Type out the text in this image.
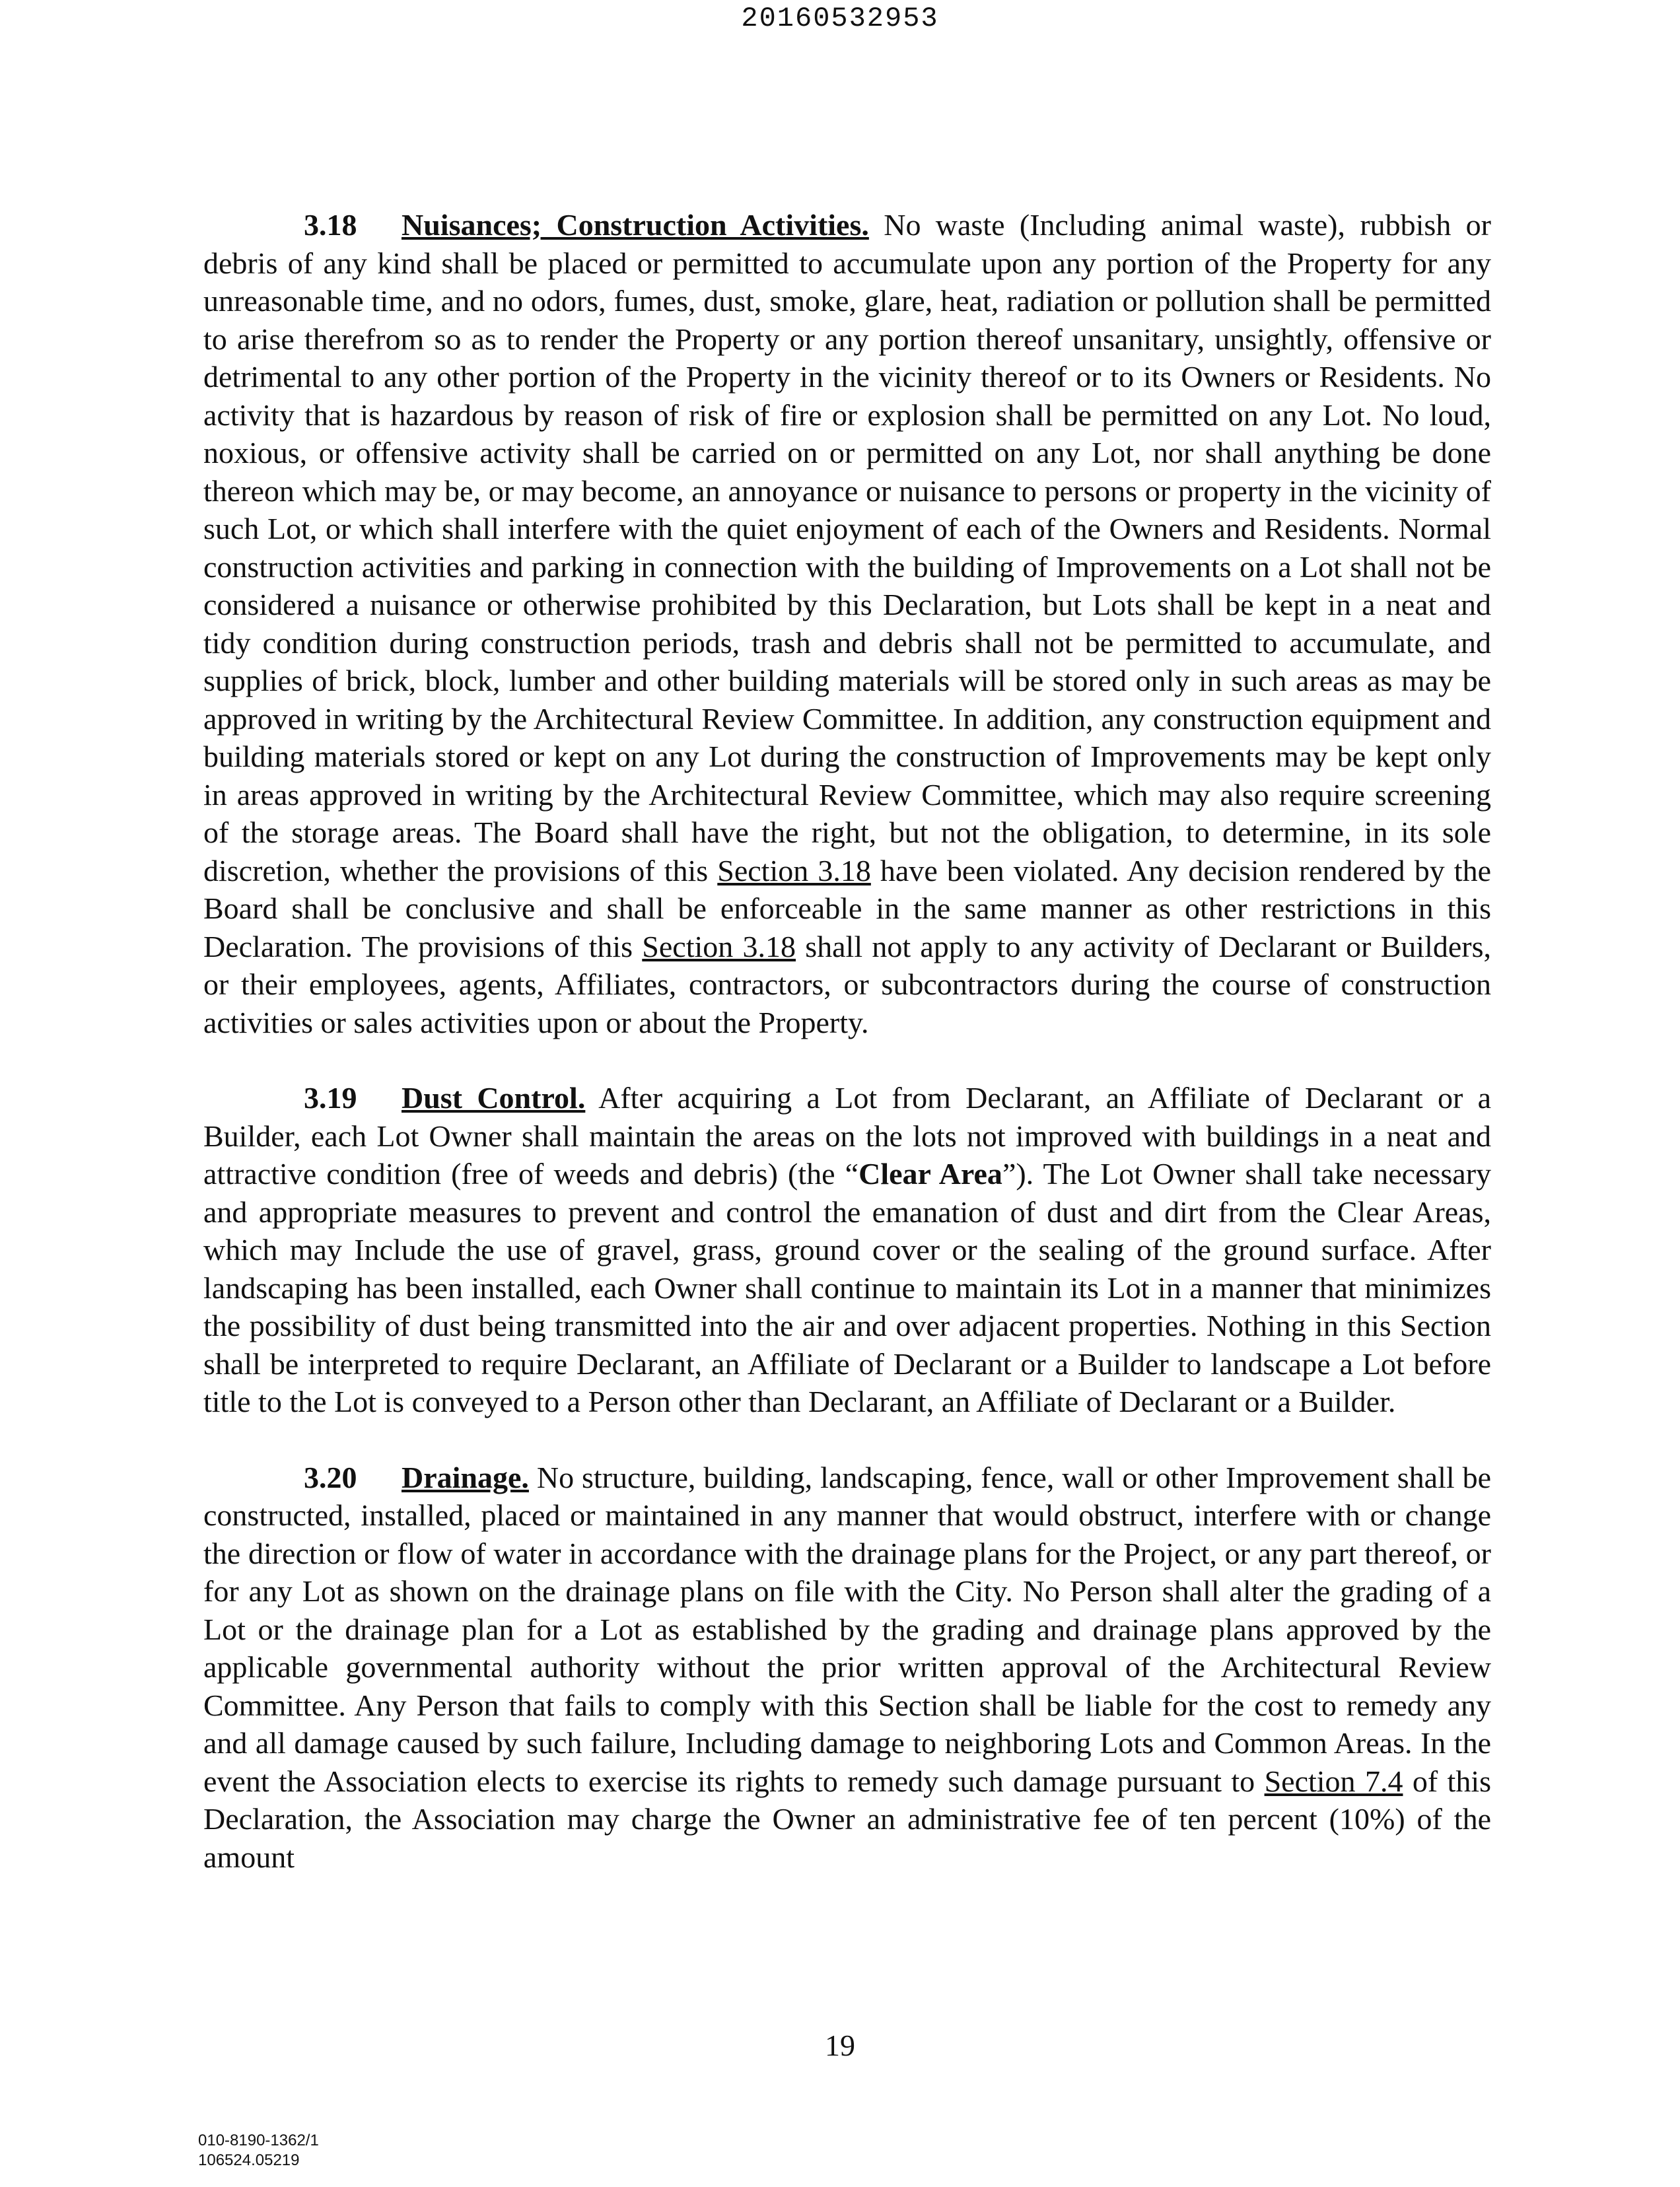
20160532953

3.18 Nuisances; Construction Activities. No waste (Including animal waste), rubbish or debris of any kind shall be placed or permitted to accumulate upon any portion of the Property for any unreasonable time, and no odors, fumes, dust, smoke, glare, heat, radiation or pollution shall be permitted to arise therefrom so as to render the Property or any portion thereof unsanitary, unsightly, offensive or detrimental to any other portion of the Property in the vicinity thereof or to its Owners or Residents. No activity that is hazardous by reason of risk of fire or explosion shall be permitted on any Lot. No loud, noxious, or offensive activity shall be carried on or permitted on any Lot, nor shall anything be done thereon which may be, or may become, an annoyance or nuisance to persons or property in the vicinity of such Lot, or which shall interfere with the quiet enjoyment of each of the Owners and Residents. Normal construction activities and parking in connection with the building of Improvements on a Lot shall not be considered a nuisance or otherwise prohibited by this Declaration, but Lots shall be kept in a neat and tidy condition during construction periods, trash and debris shall not be permitted to accumulate, and supplies of brick, block, lumber and other building materials will be stored only in such areas as may be approved in writing by the Architectural Review Committee. In addition, any construction equipment and building materials stored or kept on any Lot during the construction of Improvements may be kept only in areas approved in writing by the Architectural Review Committee, which may also require screening of the storage areas. The Board shall have the right, but not the obligation, to determine, in its sole discretion, whether the provisions of this Section 3.18 have been violated. Any decision rendered by the Board shall be conclusive and shall be enforceable in the same manner as other restrictions in this Declaration. The provisions of this Section 3.18 shall not apply to any activity of Declarant or Builders, or their employees, agents, Affiliates, contractors, or subcontractors during the course of construction activities or sales activities upon or about the Property.

3.19 Dust Control. After acquiring a Lot from Declarant, an Affiliate of Declarant or a Builder, each Lot Owner shall maintain the areas on the lots not improved with buildings in a neat and attractive condition (free of weeds and debris) (the “Clear Area”). The Lot Owner shall take necessary and appropriate measures to prevent and control the emanation of dust and dirt from the Clear Areas, which may Include the use of gravel, grass, ground cover or the sealing of the ground surface. After landscaping has been installed, each Owner shall continue to maintain its Lot in a manner that minimizes the possibility of dust being transmitted into the air and over adjacent properties. Nothing in this Section shall be interpreted to require Declarant, an Affiliate of Declarant or a Builder to landscape a Lot before title to the Lot is conveyed to a Person other than Declarant, an Affiliate of Declarant or a Builder.

3.20 Drainage. No structure, building, landscaping, fence, wall or other Improvement shall be constructed, installed, placed or maintained in any manner that would obstruct, interfere with or change the direction or flow of water in accordance with the drainage plans for the Project, or any part thereof, or for any Lot as shown on the drainage plans on file with the City. No Person shall alter the grading of a Lot or the drainage plan for a Lot as established by the grading and drainage plans approved by the applicable governmental authority without the prior written approval of the Architectural Review Committee. Any Person that fails to comply with this Section shall be liable for the cost to remedy any and all damage caused by such failure, Including damage to neighboring Lots and Common Areas. In the event the Association elects to exercise its rights to remedy such damage pursuant to Section 7.4 of this Declaration, the Association may charge the Owner an administrative fee of ten percent (10%) of the amount

19
010-8190-1362/1
106524.05219
